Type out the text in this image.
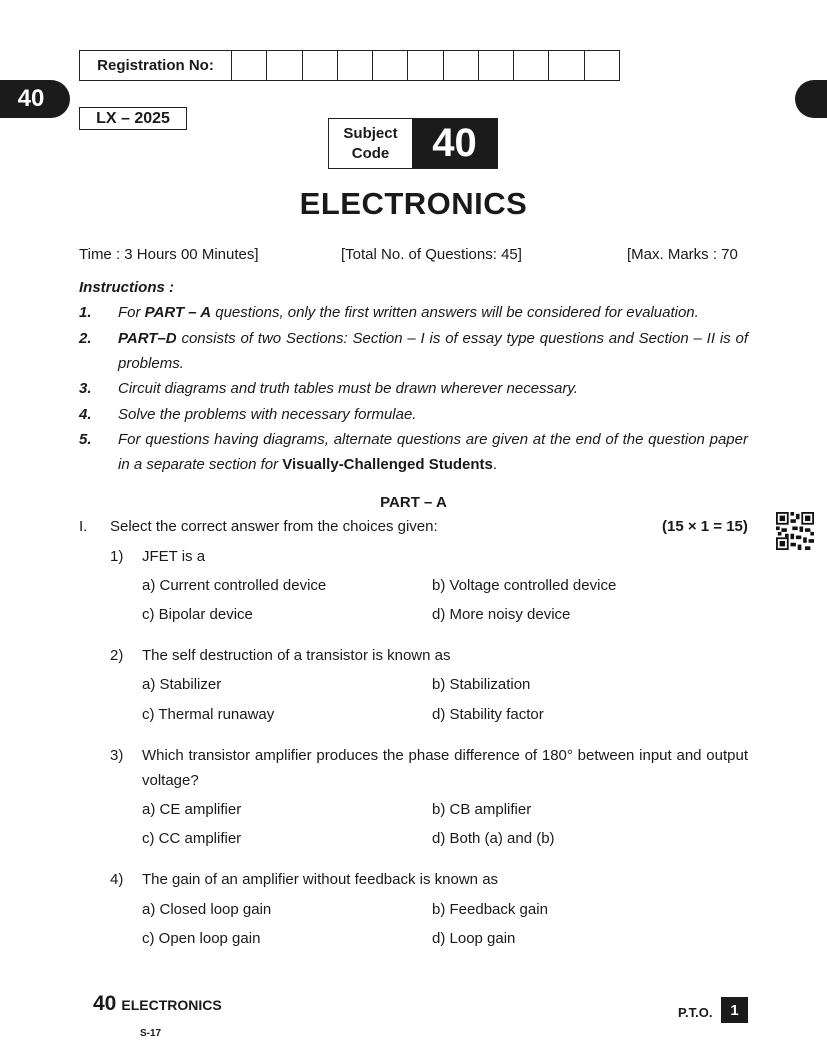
Registration No:
40
LX – 2025
Subject
Code	40
ELECTRONICS
Time : 3 Hours 00 Minutes]	[Total No. of Questions: 45]	[Max. Marks : 70
Instructions :
1. For PART – A questions, only the first written answers will be considered for evaluation.
2. PART–D consists of two Sections: Section – I is of essay type questions and Section – II is of problems.
3. Circuit diagrams and truth tables must be drawn wherever necessary.
4. Solve the problems with necessary formulae.
5. For questions having diagrams, alternate questions are given at the end of the question paper in a separate section for Visually-Challenged Students.
PART – A
I. Select the correct answer from the choices given:	(15 × 1 = 15)
1) JFET is a
a) Current controlled device	b) Voltage controlled device
c) Bipolar device	d) More noisy device
2) The self destruction of a transistor is known as
a) Stabilizer	b) Stabilization
c) Thermal runaway	d) Stability factor
3) Which transistor amplifier produces the phase difference of 180° between input and output voltage?
a) CE amplifier	b) CB amplifier
c) CC amplifier	d) Both (a) and (b)
4) The gain of an amplifier without feedback is known as
a) Closed loop gain	b) Feedback gain
c) Open loop gain	d) Loop gain
40 ELECTRONICS
S-17
P.T.O.	1
